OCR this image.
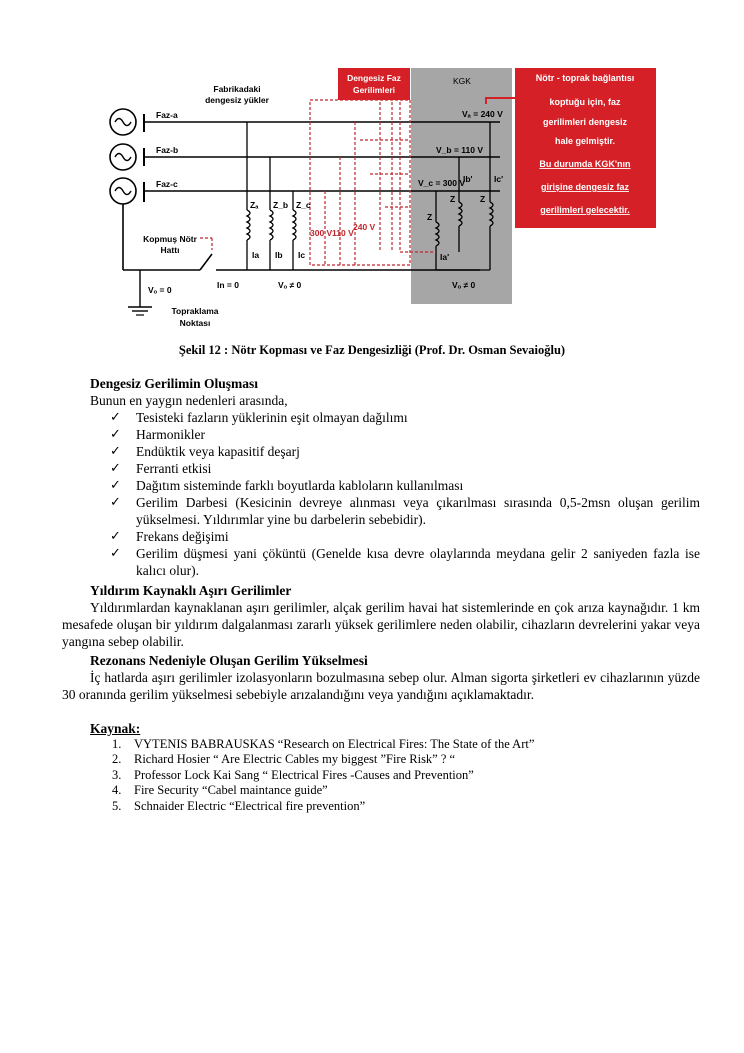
Fabrikadaki
dengesiz yükler
Dengesiz Faz
Gerilimleri
KGK
Faz-a
Faz-b
Faz-c
Kopmuş Nötr
Hattı
Topraklama
Noktası
Vₒ = 0	In = 0	Vₒ ≠ 0	Vₒ ≠ 0
Vₐ = 240 V
V_b = 110 V
V_c = 300 V
300 V 110 V
240 V
Zₐ Z_b Z_c
Z
Z	Z
Ia Ib Ic	Ia'
Ib'	Ic'
Nötr - toprak bağlantısı
koptuğu için, faz
gerilimleri dengesiz
hale gelmiştir.
Bu durumda KGK'nın
girişine dengesiz faz
gerilimleri gelecektir.
Şekil 12 : Nötr Kopması ve Faz Dengesizliği (Prof. Dr. Osman Sevaioğlu)
Dengesiz Gerilimin Oluşması
Bunun en yaygın nedenleri arasında,
✓ Tesisteki fazların yüklerinin eşit olmayan dağılımı
✓ Harmonikler
✓ Endüktik veya kapasitif deşarj
✓ Ferranti etkisi
✓ Dağıtım sisteminde farklı boyutlarda kabloların kullanılması
✓ Gerilim Darbesi (Kesicinin devreye alınması veya çıkarılması sırasında 0,5-2msn oluşan gerilim yükselmesi. Yıldırımlar yine bu darbelerin sebebidir).
✓ Frekans değişimi
✓ Gerilim düşmesi yani çöküntü (Genelde kısa devre olaylarında meydana gelir 2 saniyeden fazla ise kalıcı olur).
Yıldırım Kaynaklı Aşırı Gerilimler
Yıldırımlardan kaynaklanan aşırı gerilimler, alçak gerilim havai hat sistemlerinde en çok arıza kaynağıdır. 1 km mesafede oluşan bir yıldırım dalgalanması zararlı yüksek gerilimlere neden olabilir, cihazların devrelerini yakar veya yangına sebep olabilir.
Rezonans Nedeniyle Oluşan Gerilim Yükselmesi
İç hatlarda aşırı gerilimler izolasyonların bozulmasına sebep olur. Alman sigorta şirketleri ev cihazlarının yüzde 30 oranında gerilim yükselmesi sebebiyle arızalandığını veya yandığını açıklamaktadır.
Kaynak:
1. VYTENIS BABRAUSKAS “Research on Electrical Fires: The State of the Art”
2. Richard Hosier “ Are Electric Cables my biggest ”Fire Risk” ? “
3. Professor Lock Kai Sang “ Electrical Fires -Causes and Prevention”
4. Fire Security “Cabel maintance guide”
5. Schnaider Electric “Electrical fire prevention”
